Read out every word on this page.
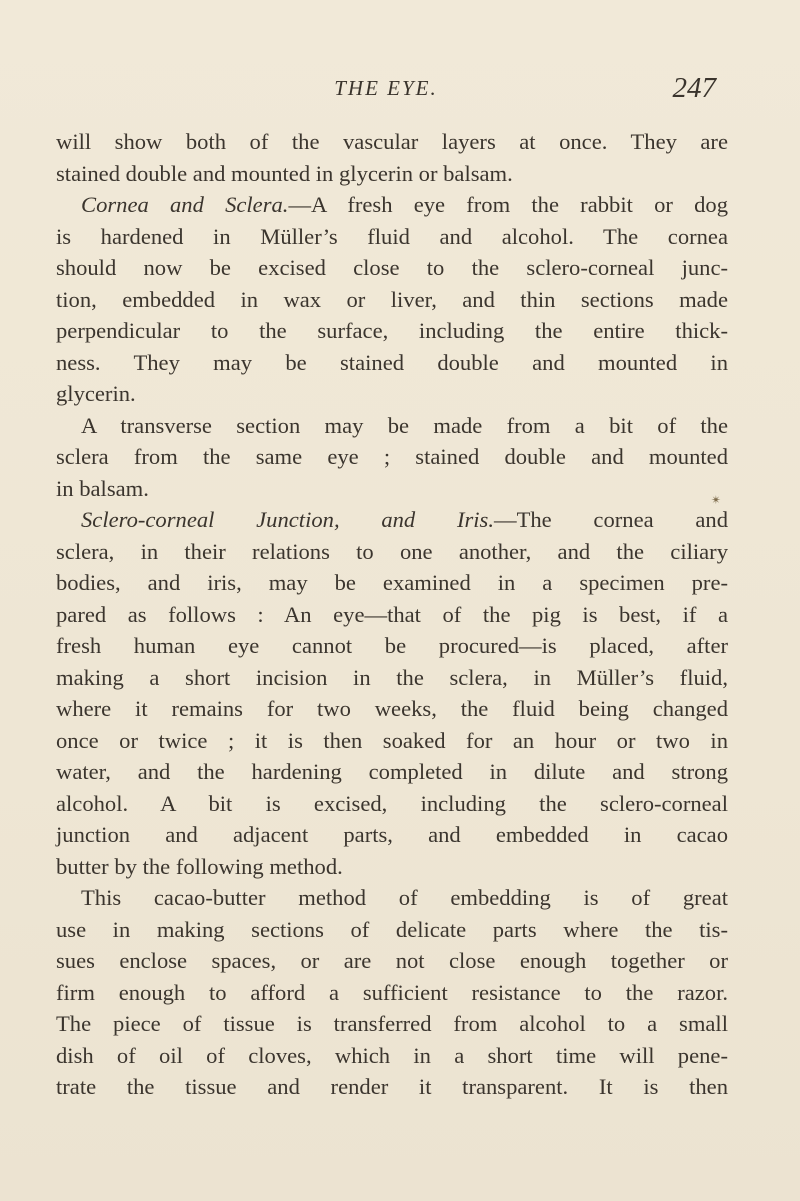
THE EYE.	247
✴
will show both of the vascular layers at once. They are
stained double and mounted in glycerin or balsam.
Cornea and Sclera.—A fresh eye from the rabbit or dog
is hardened in Müller’s fluid and alcohol. The cornea
should now be excised close to the sclero-corneal junc-
tion, embedded in wax or liver, and thin sections made
perpendicular to the surface, including the entire thick-
ness. They may be stained double and mounted in
glycerin.
A transverse section may be made from a bit of the
sclera from the same eye ; stained double and mounted
in balsam.
Sclero-corneal Junction, and Iris.—The cornea and
sclera, in their relations to one another, and the ciliary
bodies, and iris, may be examined in a specimen pre-
pared as follows : An eye—that of the pig is best, if a
fresh human eye cannot be procured—is placed, after
making a short incision in the sclera, in Müller’s fluid,
where it remains for two weeks, the fluid being changed
once or twice ; it is then soaked for an hour or two in
water, and the hardening completed in dilute and strong
alcohol. A bit is excised, including the sclero-corneal
junction and adjacent parts, and embedded in cacao
butter by the following method.
This cacao-butter method of embedding is of great
use in making sections of delicate parts where the tis-
sues enclose spaces, or are not close enough together or
firm enough to afford a sufficient resistance to the razor.
The piece of tissue is transferred from alcohol to a small
dish of oil of cloves, which in a short time will pene-
trate the tissue and render it transparent. It is then
